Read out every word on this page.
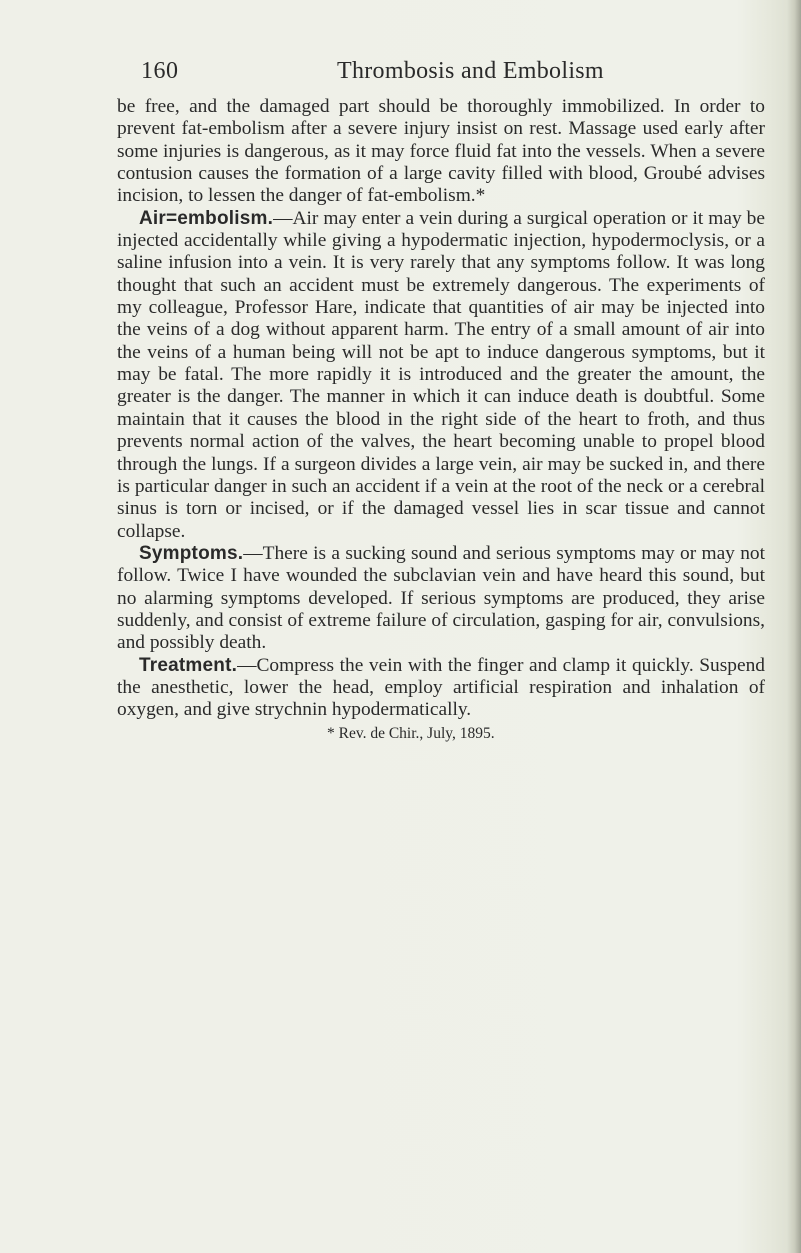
160	Thrombosis and Embolism

be free, and the damaged part should be thoroughly immobilized. In order to prevent fat-embolism after a severe injury insist on rest. Massage used early after some injuries is dangerous, as it may force fluid fat into the vessels. When a severe contusion causes the formation of a large cavity filled with blood, Groubé advises incision, to lessen the danger of fat-embolism.*

Air=embolism.—Air may enter a vein during a surgical operation or it may be injected accidentally while giving a hypodermatic injection, hypodermoclysis, or a saline infusion into a vein. It is very rarely that any symptoms follow. It was long thought that such an accident must be extremely dangerous. The experiments of my colleague, Professor Hare, indicate that quantities of air may be injected into the veins of a dog without apparent harm. The entry of a small amount of air into the veins of a human being will not be apt to induce dangerous symptoms, but it may be fatal. The more rapidly it is introduced and the greater the amount, the greater is the danger. The manner in which it can induce death is doubtful. Some maintain that it causes the blood in the right side of the heart to froth, and thus prevents normal action of the valves, the heart becoming unable to propel blood through the lungs. If a surgeon divides a large vein, air may be sucked in, and there is particular danger in such an accident if a vein at the root of the neck or a cerebral sinus is torn or incised, or if the damaged vessel lies in scar tissue and cannot collapse.

Symptoms.—There is a sucking sound and serious symptoms may or may not follow. Twice I have wounded the subclavian vein and have heard this sound, but no alarming symptoms developed. If serious symptoms are produced, they arise suddenly, and consist of extreme failure of circulation, gasping for air, convulsions, and possibly death.

Treatment.—Compress the vein with the finger and clamp it quickly. Suspend the anesthetic, lower the head, employ artificial respiration and inhalation of oxygen, and give strychnin hypodermatically.

* Rev. de Chir., July, 1895.
